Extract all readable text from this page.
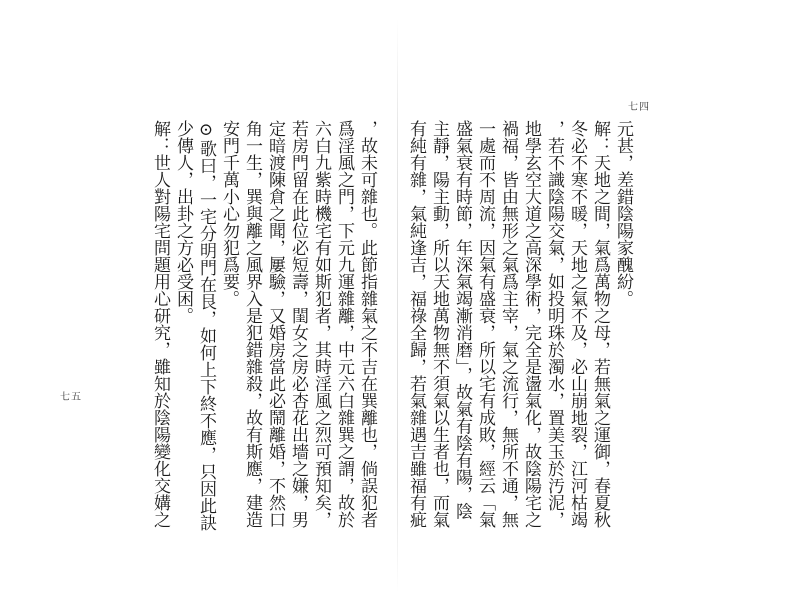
元甚，差錯陰陽家醜紛。
解：天地之間，氣爲萬物之母，若無氣之運御，春夏秋
冬必不寒不暖，天地之氣不及，必山崩地裂，江河枯竭
，若不識陰陽交氣，如投明珠於濁水，置美玉於汚泥，
地學玄空大道之高深學術，完全是盪氣化，故陰陽宅之
禍福，皆由無形之氣爲主宰，氣之流行，無所不通，無
一處而不周流，因氣有盛衰，所以宅有成敗，經云「氣
盛氣衰有時節，年深氣竭漸消磨」，故氣有陰有陽，陰
主靜，陽主動，所以天地萬物無不須氣以生者也，而氣
有純有雜，氣純逢吉，福祿全歸，若氣雜遇吉雖福有疵
七四
，故未可雜也。此節指雜氣之不吉在巽離也，倘誤犯者
爲淫風之門，下元九運雜離，中元六白雜巽之謂，故於
六白九紫時機宅有如斯犯者，其時淫風之烈可預知矣，
若房門留在此位必短壽，閨女之房必杏花出墻之嫌，男
定暗渡陳倉之聞，屢驗，又婚房當此必鬧離婚，不然口
角一生，巽與離之風界入是犯錯雜殺，故有斯應，建造
安門千萬小心勿犯爲要。
⊙歌曰，一宅分明門在艮，如何上下終不應，只因此訣
少傳人，出卦之方必受困。
解：世人對陽宅問題用心研究，雖知於陰陽變化交媾之
七五
